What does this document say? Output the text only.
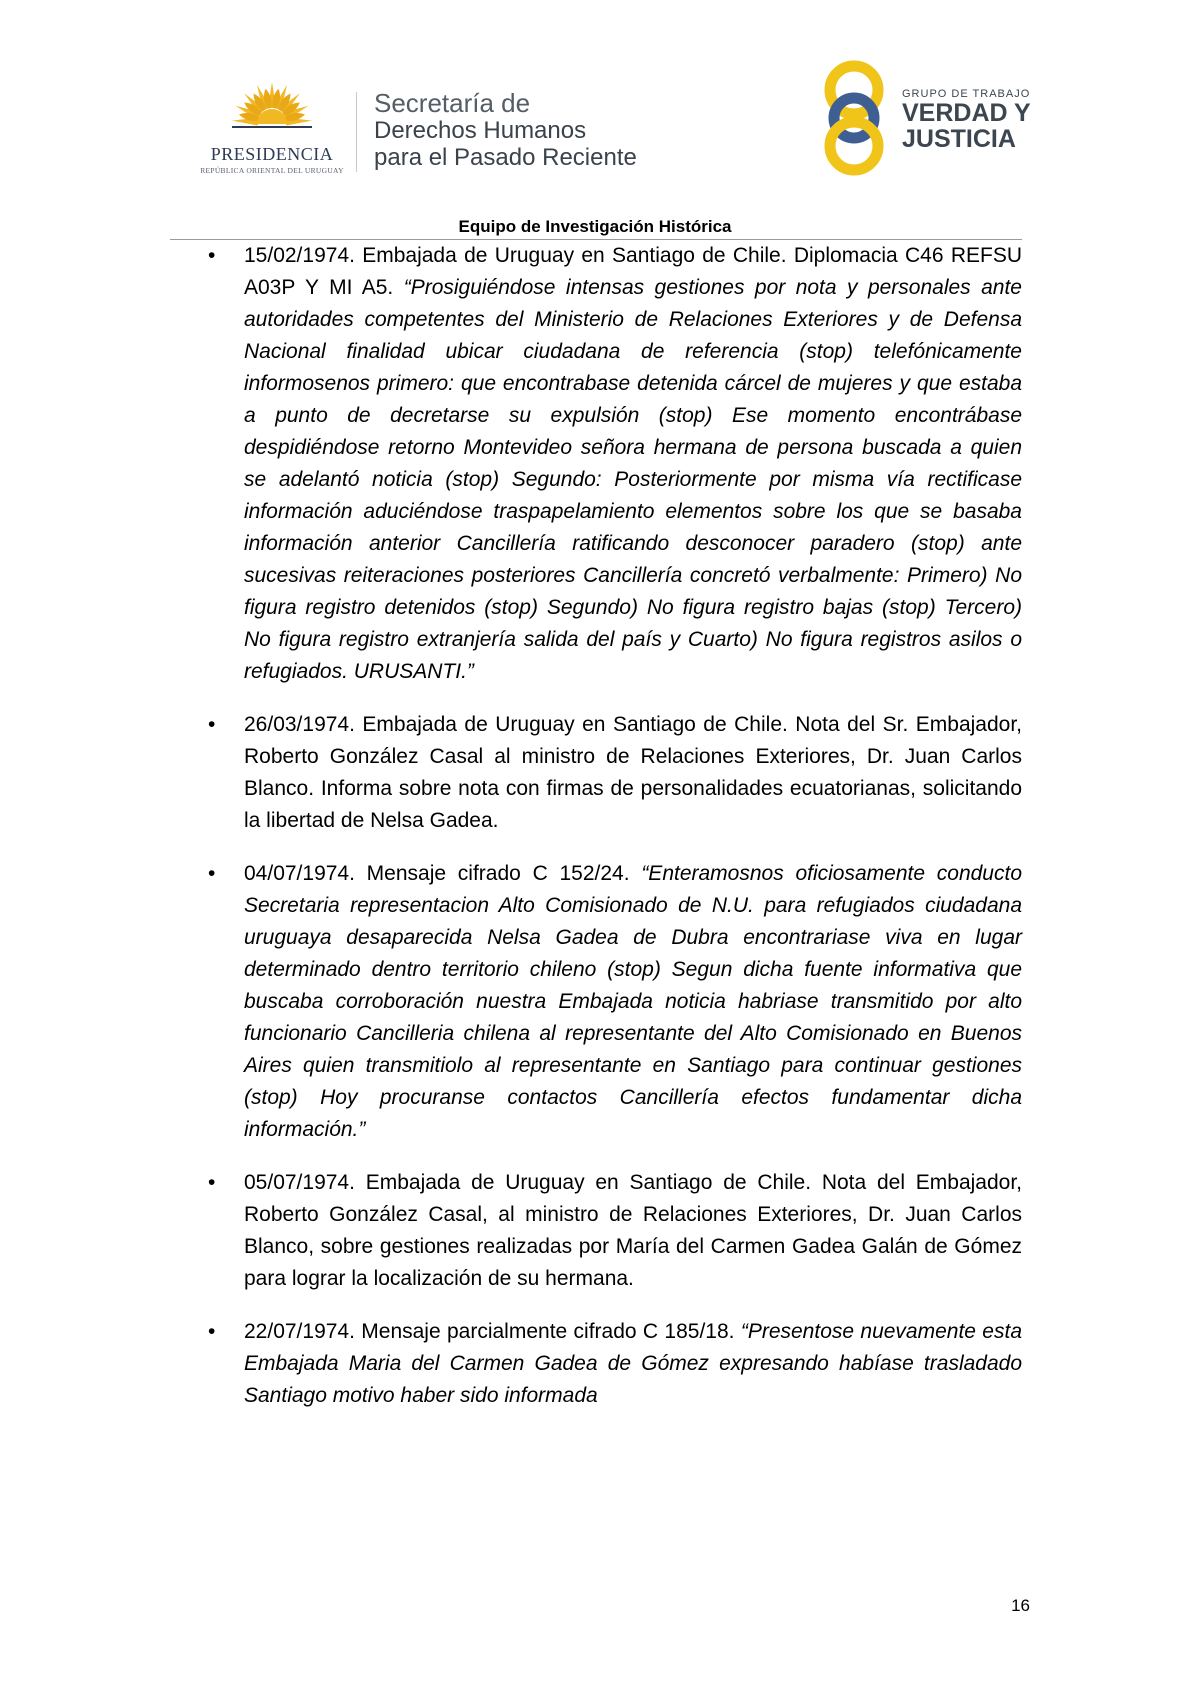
PRESIDENCIA
REPÚBLICA ORIENTAL DEL URUGUAY
Secretaría de
Derechos Humanos
para el Pasado Reciente
GRUPO DE TRABAJO
VERDAD Y
JUSTICIA
Equipo de Investigación Histórica
• 15/02/1974. Embajada de Uruguay en Santiago de Chile. Diplomacia C46 REFSU A03P Y MI A5. “Prosiguiéndose intensas gestiones por nota y personales ante autoridades competentes del Ministerio de Relaciones Exteriores y de Defensa Nacional finalidad ubicar ciudadana de referencia (stop) telefónicamente informosenos primero: que encontrabase detenida cárcel de mujeres y que estaba a punto de decretarse su expulsión (stop) Ese momento encontrábase despidiéndose retorno Montevideo señora hermana de persona buscada a quien se adelantó noticia (stop) Segundo: Posteriormente por misma vía rectificase información aduciéndose traspapelamiento elementos sobre los que se basaba información anterior Cancillería ratificando desconocer paradero (stop) ante sucesivas reiteraciones posteriores Cancillería concretó verbalmente: Primero) No figura registro detenidos (stop) Segundo) No figura registro bajas (stop) Tercero) No figura registro extranjería salida del país y Cuarto) No figura registros asilos o refugiados. URUSANTI.”

• 26/03/1974. Embajada de Uruguay en Santiago de Chile. Nota del Sr. Embajador, Roberto González Casal al ministro de Relaciones Exteriores, Dr. Juan Carlos Blanco. Informa sobre nota con firmas de personalidades ecuatorianas, solicitando la libertad de Nelsa Gadea.

• 04/07/1974. Mensaje cifrado C 152/24. “Enteramosnos oficiosamente conducto Secretaria representacion Alto Comisionado de N.U. para refugiados ciudadana uruguaya desaparecida Nelsa Gadea de Dubra encontrariase viva en lugar determinado dentro territorio chileno (stop) Segun dicha fuente informativa que buscaba corroboración nuestra Embajada noticia habriase transmitido por alto funcionario Cancilleria chilena al representante del Alto Comisionado en Buenos Aires quien transmitiolo al representante en Santiago para continuar gestiones (stop) Hoy procuranse contactos Cancillería efectos fundamentar dicha información.”

• 05/07/1974. Embajada de Uruguay en Santiago de Chile. Nota del Embajador, Roberto González Casal, al ministro de Relaciones Exteriores, Dr. Juan Carlos Blanco, sobre gestiones realizadas por María del Carmen Gadea Galán de Gómez para lograr la localización de su hermana.

• 22/07/1974. Mensaje parcialmente cifrado C 185/18. “Presentose nuevamente esta Embajada Maria del Carmen Gadea de Gómez expresando habíase trasladado Santiago motivo haber sido informada

16
